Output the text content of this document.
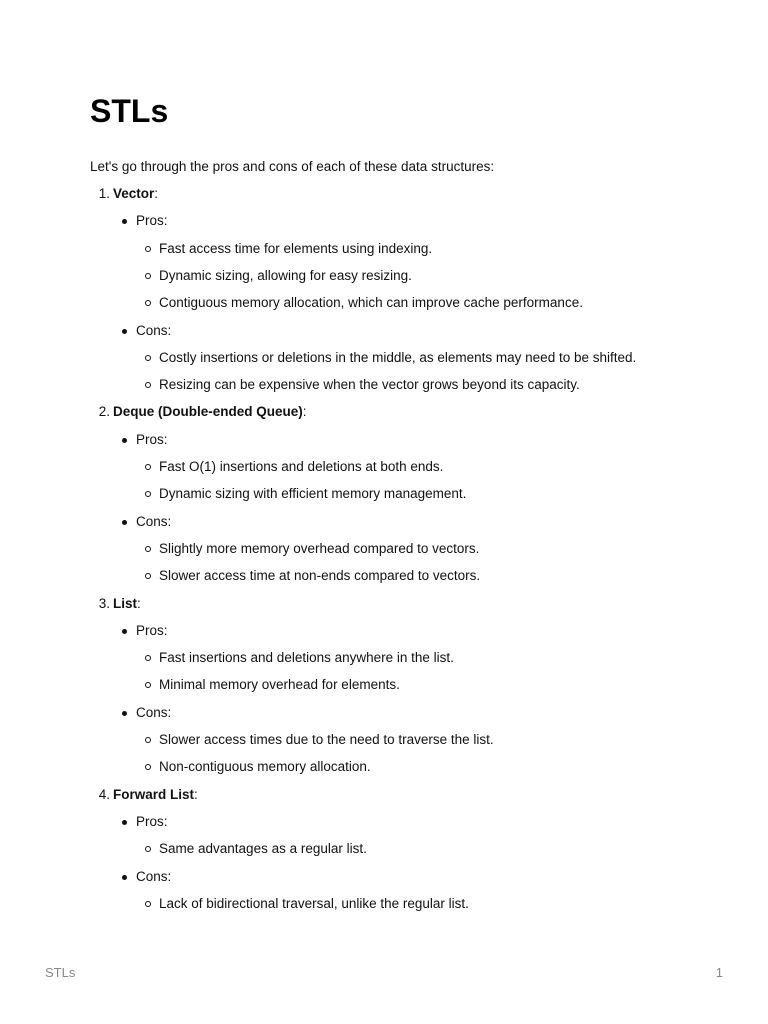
STLs

Let's go through the pros and cons of each of these data structures:

1. Vector:
Pros:
Fast access time for elements using indexing.
Dynamic sizing, allowing for easy resizing.
Contiguous memory allocation, which can improve cache performance.
Cons:
Costly insertions or deletions in the middle, as elements may need to be shifted.
Resizing can be expensive when the vector grows beyond its capacity.
2. Deque (Double-ended Queue):
Pros:
Fast O(1) insertions and deletions at both ends.
Dynamic sizing with efficient memory management.
Cons:
Slightly more memory overhead compared to vectors.
Slower access time at non-ends compared to vectors.
3. List:
Pros:
Fast insertions and deletions anywhere in the list.
Minimal memory overhead for elements.
Cons:
Slower access times due to the need to traverse the list.
Non-contiguous memory allocation.
4. Forward List:
Pros:
Same advantages as a regular list.
Cons:
Lack of bidirectional traversal, unlike the regular list.
STLs	1
